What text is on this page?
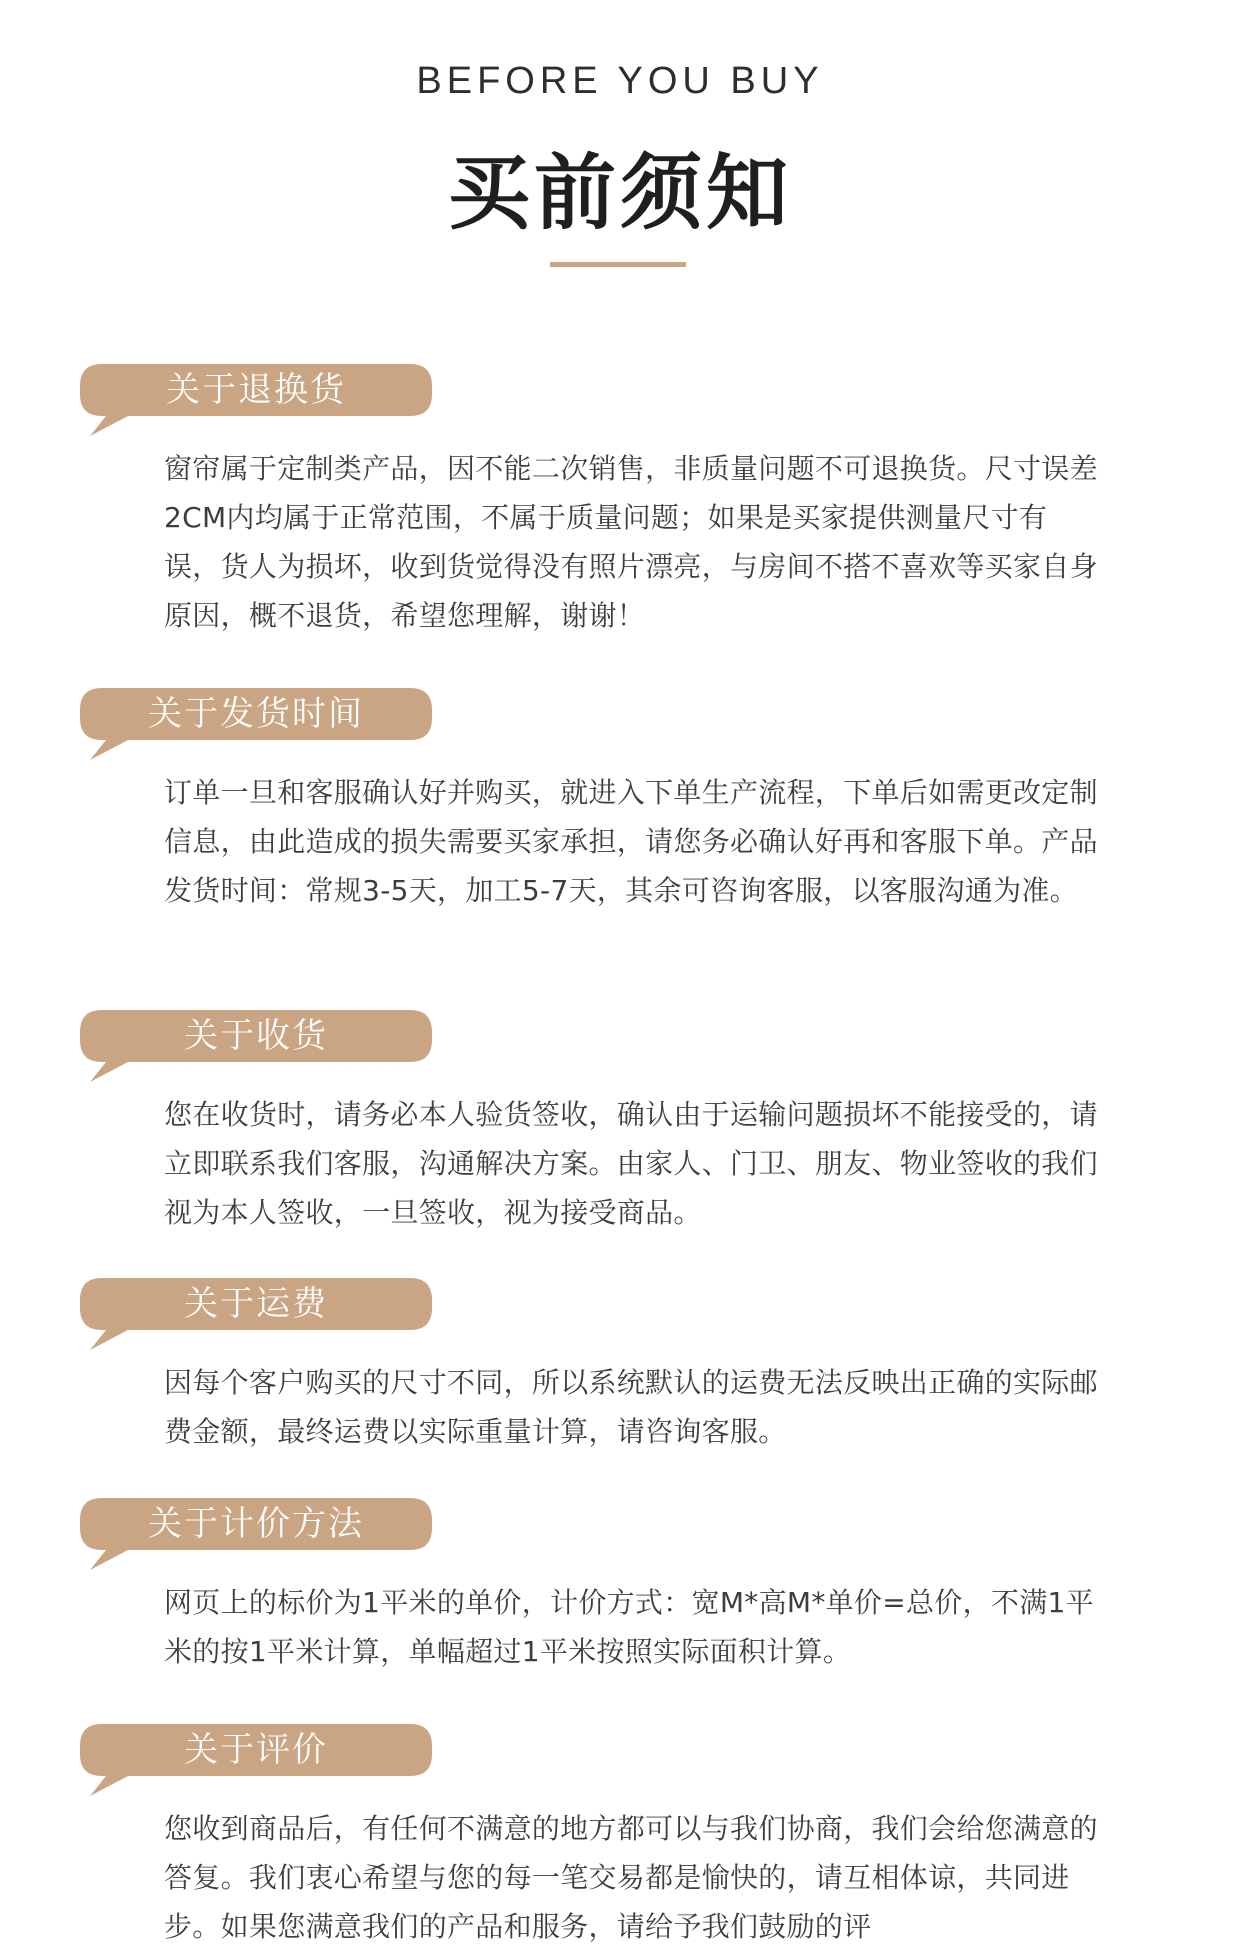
BEFORE YOU BUY
买前须知
关于退换货
窗帘属于定制类产品，因不能二次销售，非质量问题不可退换货。尺寸误差2CM内均属于正常范围，不属于质量问题；如果是买家提供测量尺寸有误，货人为损坏，收到货觉得没有照片漂亮，与房间不搭不喜欢等买家自身原因，概不退货，希望您理解，谢谢！
关于发货时间
订单一旦和客服确认好并购买，就进入下单生产流程，下单后如需更改定制信息，由此造成的损失需要买家承担，请您务必确认好再和客服下单。产品发货时间：常规3-5天，加工5-7天，其余可咨询客服，以客服沟通为准。
关于收货
您在收货时，请务必本人验货签收，确认由于运输问题损坏不能接受的，请立即联系我们客服，沟通解决方案。由家人、门卫、朋友、物业签收的我们视为本人签收，一旦签收，视为接受商品。
关于运费
因每个客户购买的尺寸不同，所以系统默认的运费无法反映出正确的实际邮费金额，最终运费以实际重量计算，请咨询客服。
关于计价方法
网页上的标价为1平米的单价，计价方式：宽M*高M*单价=总价，不满1平米的按1平米计算，单幅超过1平米按照实际面积计算。
关于评价
您收到商品后，有任何不满意的地方都可以与我们协商，我们会给您满意的答复。我们衷心希望与您的每一笔交易都是愉快的，请互相体谅，共同进步。如果您满意我们的产品和服务，请给予我们鼓励的评
